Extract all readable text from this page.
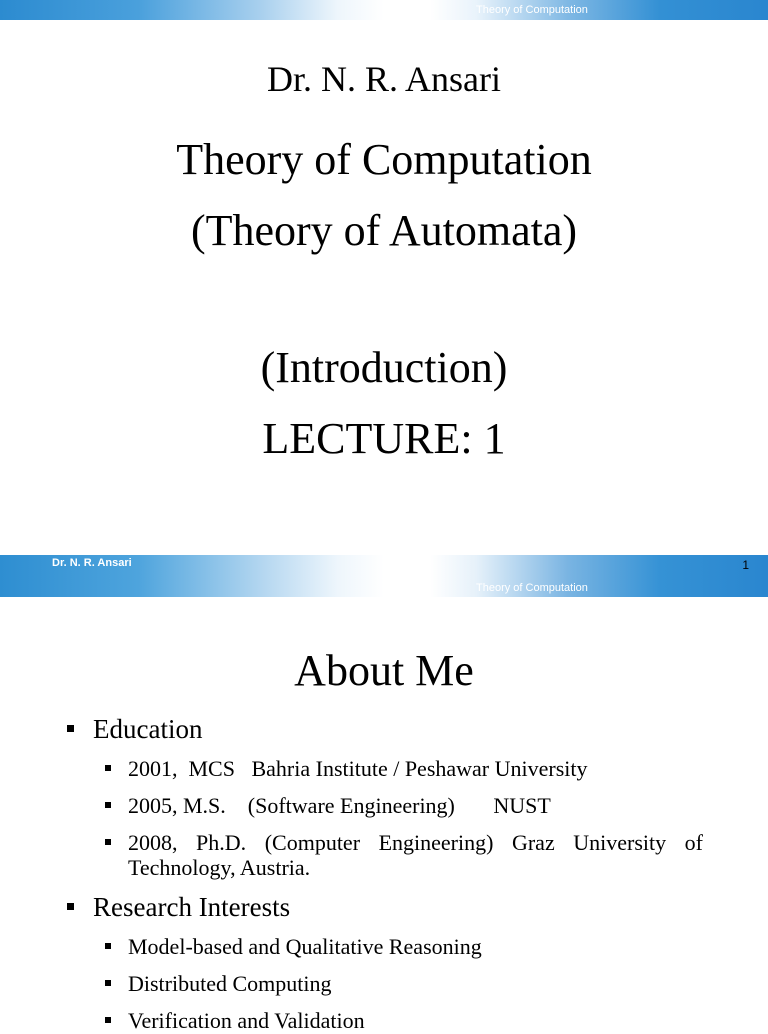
Theory of Computation
Dr. N. R. Ansari
Theory of Computation
(Theory of Automata)
(Introduction)
LECTURE: 1
Dr. N. R. Ansari	1
Theory of Computation
About Me
Education
2001,  MCS   Bahria Institute / Peshawar University
2005, M.S.    (Software Engineering)       NUST
2008, Ph.D. (Computer Engineering) Graz University of Technology, Austria.
Research Interests
Model-based and Qualitative Reasoning
Distributed Computing
Verification and Validation
